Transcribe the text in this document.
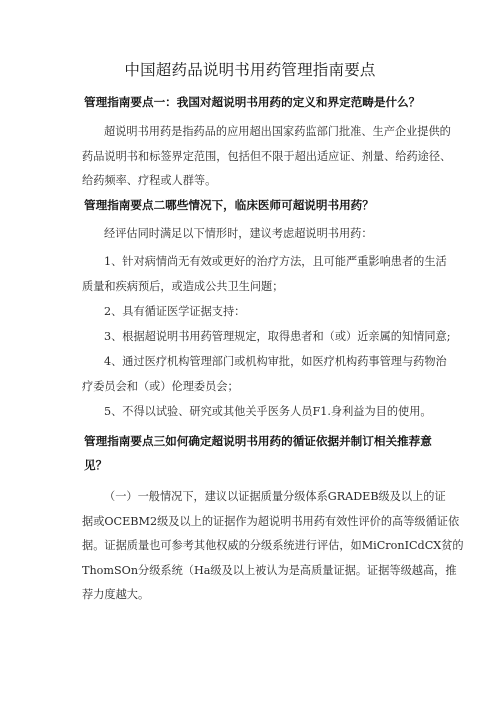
中国超药品说明书用药管理指南要点
管理指南要点一：我国对超说明书用药的定义和界定范畴是什么？
超说明书用药是指药品的应用超出国家药监部门批准、生产企业提供的
药品说明书和标签界定范围，包括但不限于超出适应证、剂量、给药途径、
给药频率、疗程或人群等。
管理指南要点二哪些情况下，临床医师可超说明书用药？
经评估同时满足以下情形时，建议考虑超说明书用药：
1、针对病情尚无有效或更好的治疗方法，且可能严重影响患者的生活
质量和疾病预后，或造成公共卫生问题；
2、具有循证医学证据支持：
3、根据超说明书用药管理规定，取得患者和（或）近亲属的知情同意;
4、通过医疗机构管理部门或机构审批，如医疗机构药事管理与药物治
疗委员会和（或）伦理委员会；
5、不得以试验、研究或其他关乎医务人员F1.身利益为目的使用。
管理指南要点三如何确定超说明书用药的循证依据并制订相关推荐意
见？
（一）一般情况下，建议以证据质量分级体系GRADEB级及以上的证
据或OCEBM2级及以上的证据作为超说明书用药有效性评价的高等级循证依
据。证据质量也可参考其他权威的分级系统进行评估，如MiCronICdCX贫的
ThomSOn分级系统（Ha级及以上被认为是高质量证据。证据等级越高，推
荐力度越大。
